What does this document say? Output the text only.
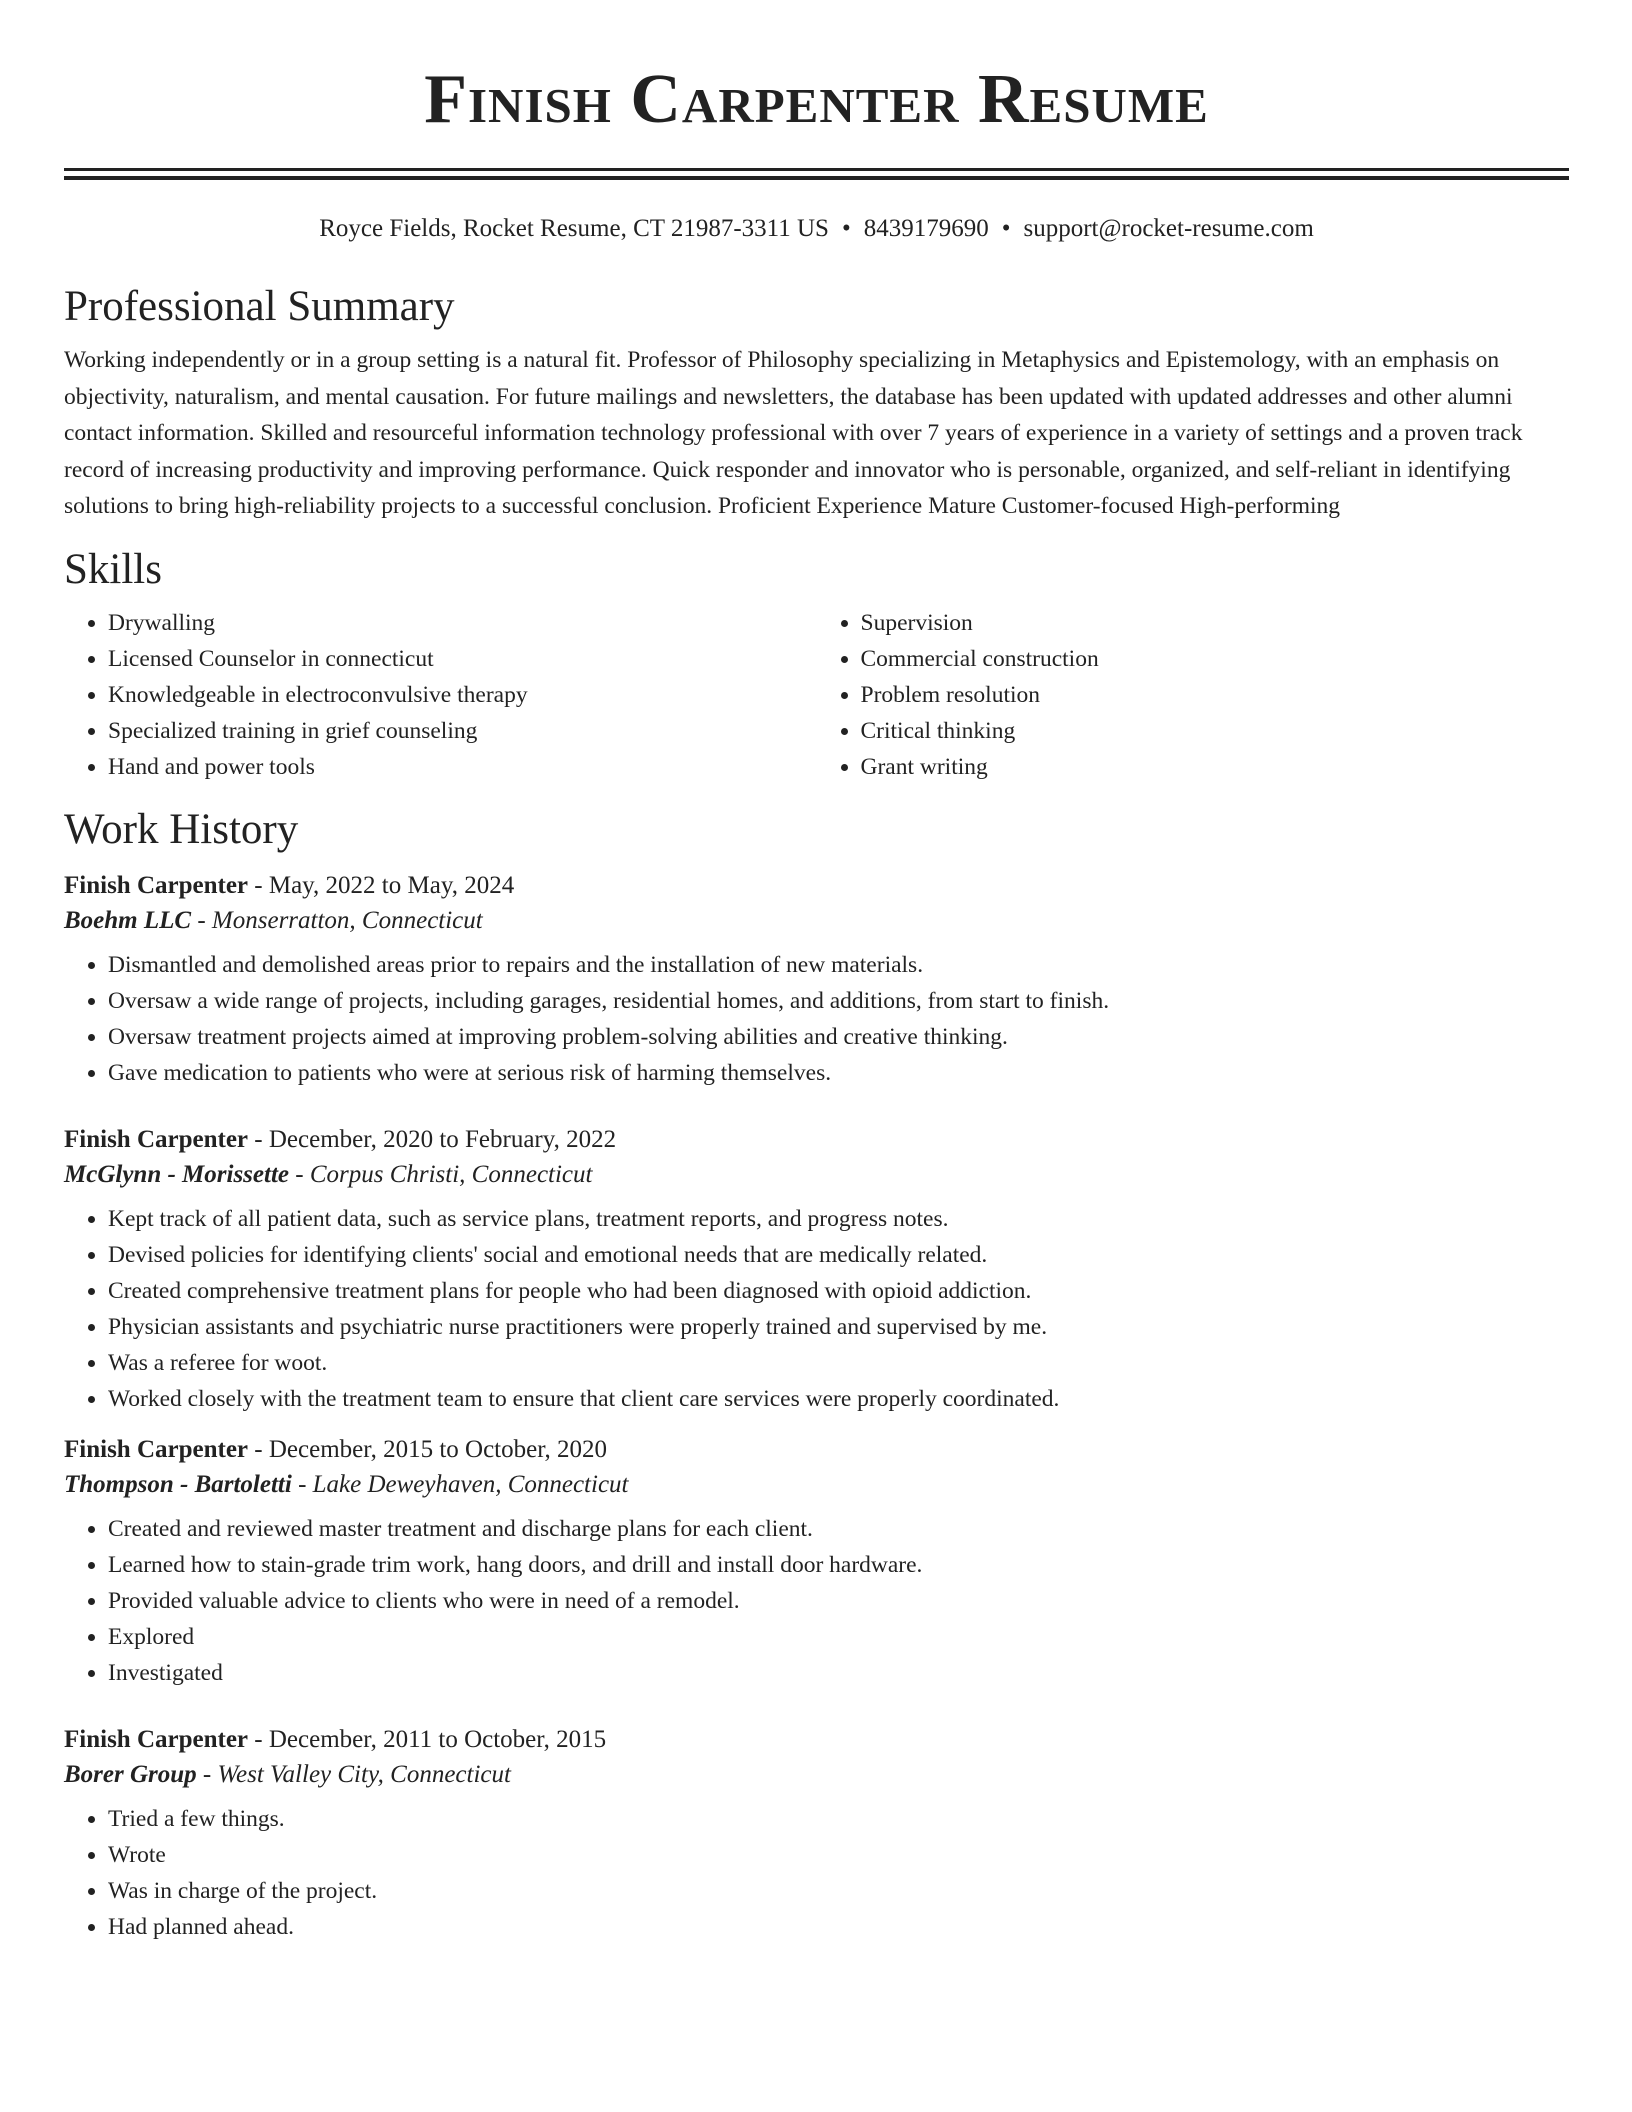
Finish Carpenter Resume
Royce Fields, Rocket Resume, CT 21987-3311 US • 8439179690 • support@rocket-resume.com
Professional Summary
Working independently or in a group setting is a natural fit. Professor of Philosophy specializing in Metaphysics and Epistemology, with an emphasis on objectivity, naturalism, and mental causation. For future mailings and newsletters, the database has been updated with updated addresses and other alumni contact information. Skilled and resourceful information technology professional with over 7 years of experience in a variety of settings and a proven track record of increasing productivity and improving performance. Quick responder and innovator who is personable, organized, and self-reliant in identifying solutions to bring high-reliability projects to a successful conclusion. Proficient Experience Mature Customer-focused High-performing
Skills
• Drywalling
• Licensed Counselor in connecticut
• Knowledgeable in electroconvulsive therapy
• Specialized training in grief counseling
• Hand and power tools
• Supervision
• Commercial construction
• Problem resolution
• Critical thinking
• Grant writing
Work History
Finish Carpenter - May, 2022 to May, 2024
Boehm LLC - Monserratton, Connecticut
• Dismantled and demolished areas prior to repairs and the installation of new materials.
• Oversaw a wide range of projects, including garages, residential homes, and additions, from start to finish.
• Oversaw treatment projects aimed at improving problem-solving abilities and creative thinking.
• Gave medication to patients who were at serious risk of harming themselves.
Finish Carpenter - December, 2020 to February, 2022
McGlynn - Morissette - Corpus Christi, Connecticut
• Kept track of all patient data, such as service plans, treatment reports, and progress notes.
• Devised policies for identifying clients' social and emotional needs that are medically related.
• Created comprehensive treatment plans for people who had been diagnosed with opioid addiction.
• Physician assistants and psychiatric nurse practitioners were properly trained and supervised by me.
• Was a referee for woot.
• Worked closely with the treatment team to ensure that client care services were properly coordinated.
Finish Carpenter - December, 2015 to October, 2020
Thompson - Bartoletti - Lake Deweyhaven, Connecticut
• Created and reviewed master treatment and discharge plans for each client.
• Learned how to stain-grade trim work, hang doors, and drill and install door hardware.
• Provided valuable advice to clients who were in need of a remodel.
• Explored
• Investigated
Finish Carpenter - December, 2011 to October, 2015
Borer Group - West Valley City, Connecticut
• Tried a few things.
• Wrote
• Was in charge of the project.
• Had planned ahead.
